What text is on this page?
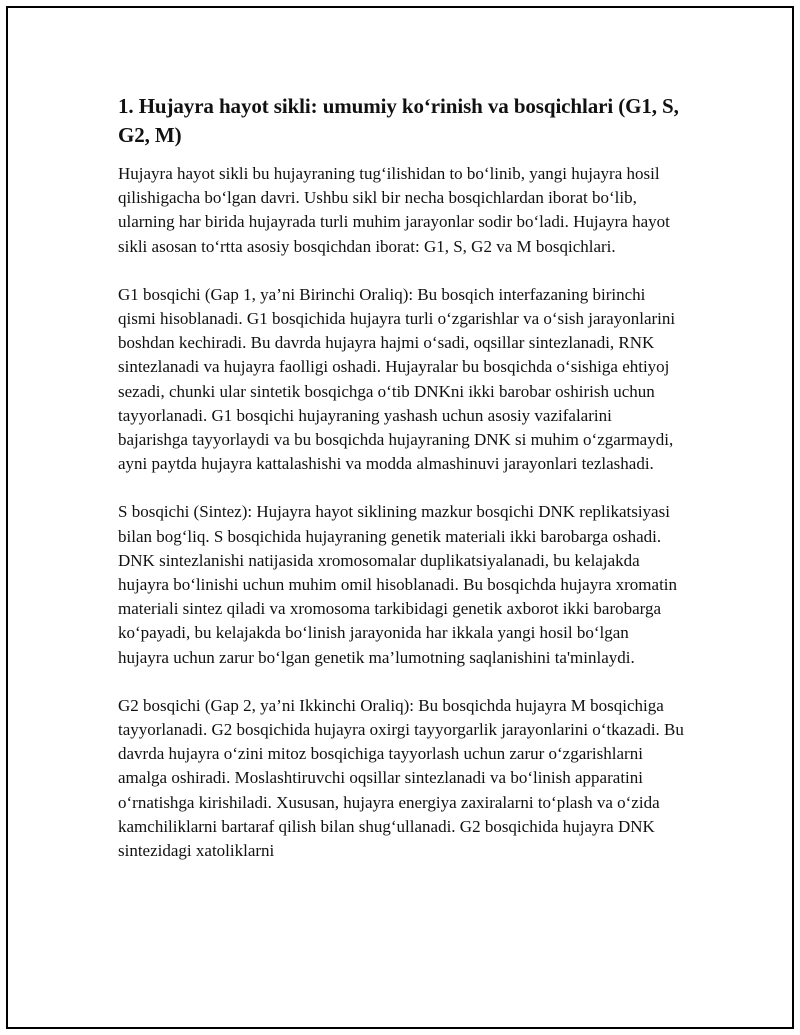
1. Hujayra hayot sikli: umumiy ko‘rinish va bosqichlari (G1, S, G2, M)

Hujayra hayot sikli bu hujayraning tug‘ilishidan to bo‘linib, yangi hujayra hosil qilishigacha bo‘lgan davri. Ushbu sikl bir necha bosqichlardan iborat bo‘lib, ularning har birida hujayrada turli muhim jarayonlar sodir bo‘ladi. Hujayra hayot sikli asosan to‘rtta asosiy bosqichdan iborat: G1, S, G2 va M bosqichlari.

G1 bosqichi (Gap 1, ya’ni Birinchi Oraliq): Bu bosqich interfazaning birinchi qismi hisoblanadi. G1 bosqichida hujayra turli o‘zgarishlar va o‘sish jarayonlarini boshdan kechiradi. Bu davrda hujayra hajmi o‘sadi, oqsillar sintezlanadi, RNK sintezlanadi va hujayra faolligi oshadi. Hujayralar bu bosqichda o‘sishiga ehtiyoj sezadi, chunki ular sintetik bosqichga o‘tib DNKni ikki barobar oshirish uchun tayyorlanadi. G1 bosqichi hujayraning yashash uchun asosiy vazifalarini bajarishga tayyorlaydi va bu bosqichda hujayraning DNK si muhim o‘zgarmaydi, ayni paytda hujayra kattalashishi va modda almashinuvi jarayonlari tezlashadi.

S bosqichi (Sintez): Hujayra hayot siklining mazkur bosqichi DNK replikatsiyasi bilan bog‘liq. S bosqichida hujayraning genetik materiali ikki barobarga oshadi. DNK sintezlanishi natijasida xromosomalar duplikatsiyalanadi, bu kelajakda hujayra bo‘linishi uchun muhim omil hisoblanadi. Bu bosqichda hujayra xromatin materiali sintez qiladi va xromosoma tarkibidagi genetik axborot ikki barobarga ko‘payadi, bu kelajakda bo‘linish jarayonida har ikkala yangi hosil bo‘lgan hujayra uchun zarur bo‘lgan genetik ma’lumotning saqlanishini ta'minlaydi.

G2 bosqichi (Gap 2, ya’ni Ikkinchi Oraliq): Bu bosqichda hujayra M bosqichiga tayyorlanadi. G2 bosqichida hujayra oxirgi tayyorgarlik jarayonlarini o‘tkazadi. Bu davrda hujayra o‘zini mitoz bosqichiga tayyorlash uchun zarur o‘zgarishlarni amalga oshiradi. Moslashtiruvchi oqsillar sintezlanadi va bo‘linish apparatini o‘rnatishga kirishiladi. Xususan, hujayra energiya zaxiralarni to‘plash va o‘zida kamchiliklarni bartaraf qilish bilan shug‘ullanadi. G2 bosqichida hujayra DNK sintezidagi xatoliklarni
